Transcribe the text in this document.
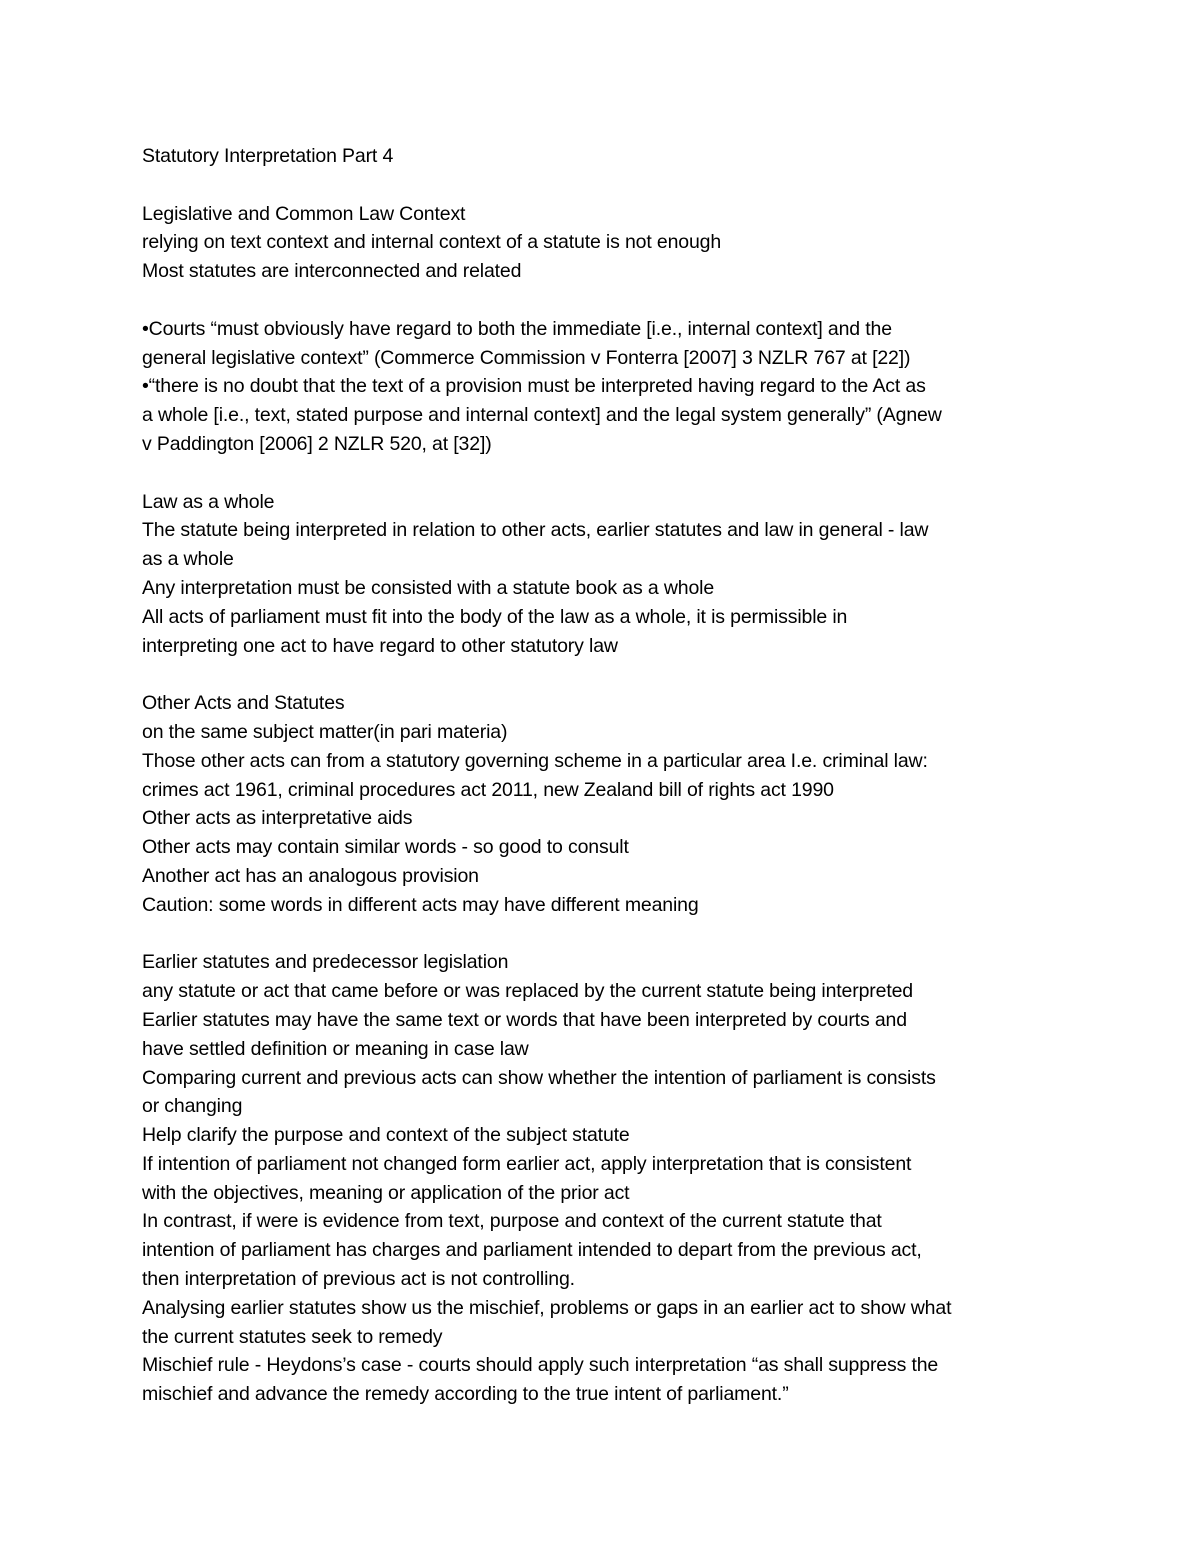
Statutory Interpretation Part 4
Legislative and Common Law Context
relying on text context and internal context of a statute is not enough
Most statutes are interconnected and related
•Courts “must obviously have regard to both the immediate [i.e., internal context] and the
general legislative context” (Commerce Commission v Fonterra [2007] 3 NZLR 767 at [22])
•“there is no doubt that the text of a provision must be interpreted having regard to the Act as
a whole [i.e., text, stated purpose and internal context] and the legal system generally” (Agnew
v Paddington [2006] 2 NZLR 520, at [32])
Law as a whole
The statute being interpreted in relation to other acts, earlier statutes and law in general - law
as a whole
Any interpretation must be consisted with a statute book as a whole
All acts of parliament must fit into the body of the law as a whole, it is permissible in
interpreting one act to have regard to other statutory law
Other Acts and Statutes
on the same subject matter(in pari materia)
Those other acts can from a statutory governing scheme in a particular area I.e. criminal law:
crimes act 1961, criminal procedures act 2011, new Zealand bill of rights act 1990
Other acts as interpretative aids
Other acts may contain similar words - so good to consult
Another act has an analogous provision
Caution: some words in different acts may have different meaning
Earlier statutes and predecessor legislation
any statute or act that came before or was replaced by the current statute being interpreted
Earlier statutes may have the same text or words that have been interpreted by courts and
have settled definition or meaning in case law
Comparing current and previous acts can show whether the intention of parliament is consists
or changing
Help clarify the purpose and context of the subject statute
If intention of parliament not changed form earlier act, apply interpretation that is consistent
with the objectives, meaning or application of the prior act
In contrast, if were is evidence from text, purpose and context of the current statute that
intention of parliament has charges and parliament intended to depart from the previous act,
then interpretation of previous act is not controlling.
Analysing earlier statutes show us the mischief, problems or gaps in an earlier act to show what
the current statutes seek to remedy
Mischief rule - Heydons’s case - courts should apply such interpretation “as shall suppress the
mischief and advance the remedy according to the true intent of parliament.”
